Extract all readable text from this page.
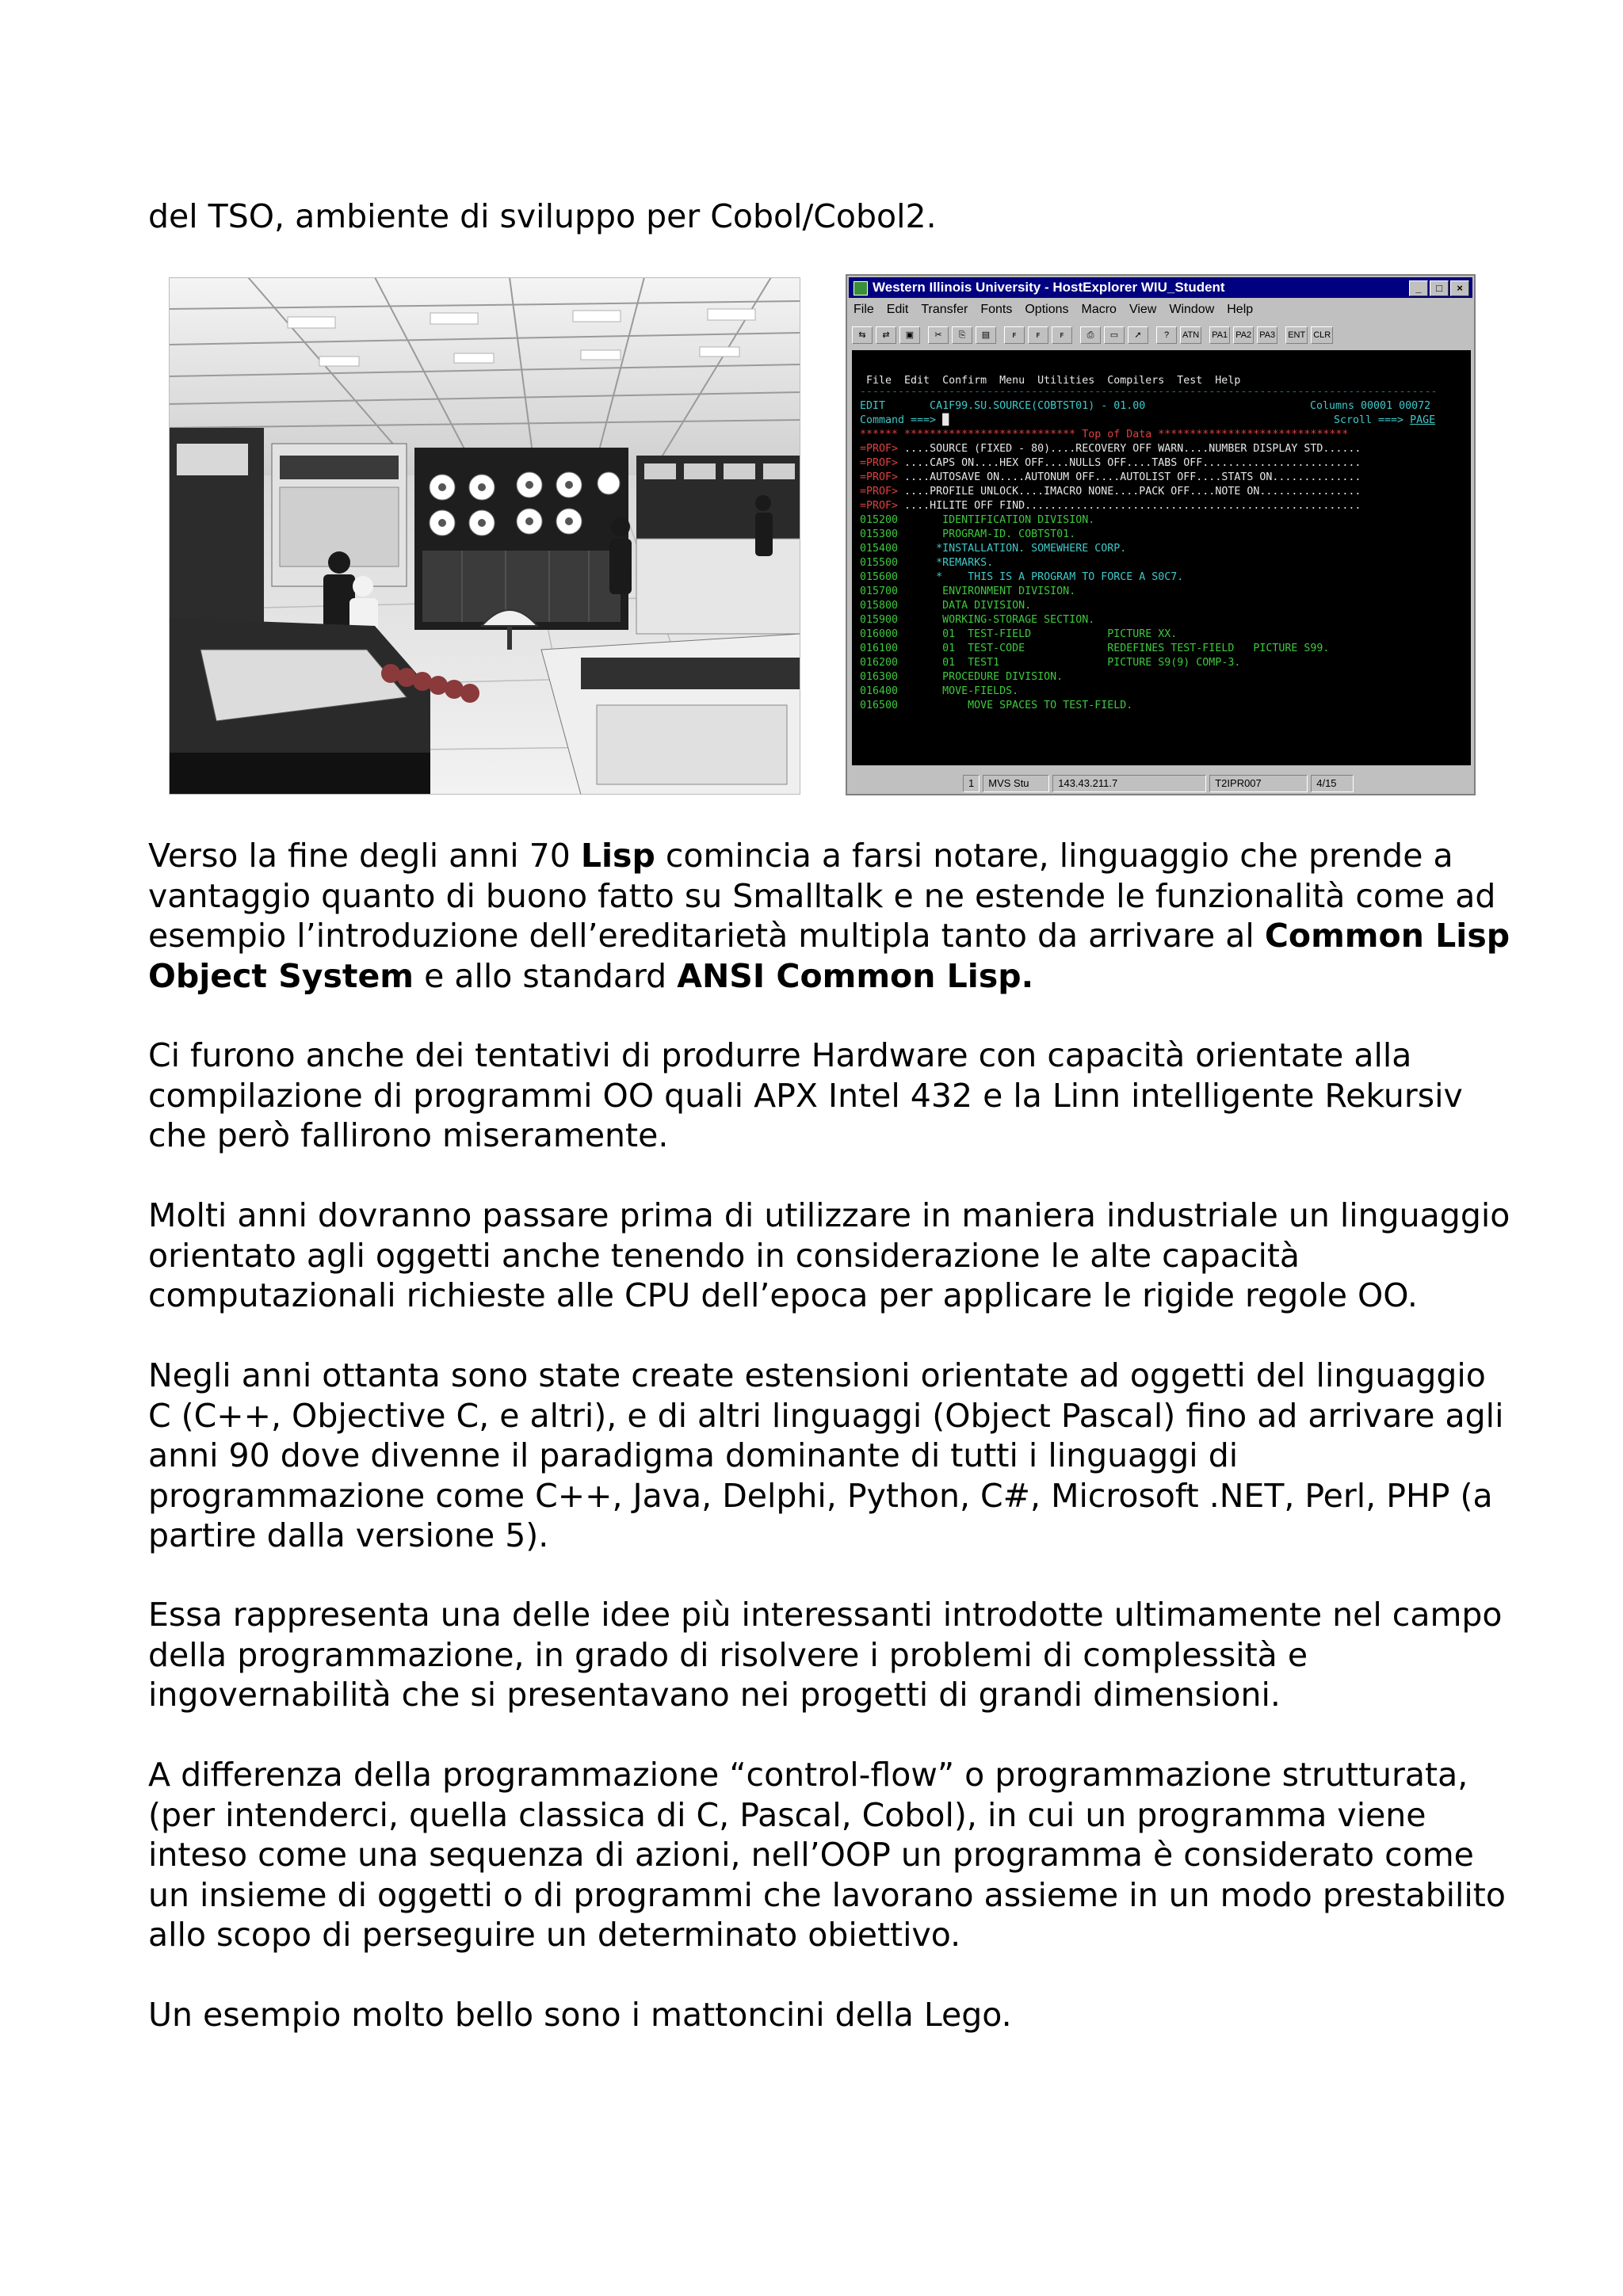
del TSO, ambiente di sviluppo per Cobol/Cobol2.

Western Illinois University - HostExplorer WIU_Student	_	□	×
File Edit Transfer Fonts Options Macro View Window Help
⇆	⇄	▣	✂	⎘	▤	ꜰ	ꜰ	ꜰ	⎙	▭	➚	?	ATN PA1 PA2 PA3 ENT CLR
File  Edit  Confirm  Menu  Utilities  Compilers  Test  Help
-------------------------------------------------------------------------------------------
EDIT       CA1F99.SU.SOURCE(COBTST01) - 01.00	Columns 00001 00072
Command ===> █	Scroll ===> PAGE
****** *************************** Top of Data ******************************
=PROF> ....SOURCE (FIXED - 80)....RECOVERY OFF WARN....NUMBER DISPLAY STD......
=PROF> ....CAPS ON....HEX OFF....NULLS OFF....TABS OFF.........................
=PROF> ....AUTOSAVE ON....AUTONUM OFF....AUTOLIST OFF....STATS ON..............
=PROF> ....PROFILE UNLOCK....IMACRO NONE....PACK OFF....NOTE ON................
=PROF> ....HILITE OFF FIND.....................................................
015200       IDENTIFICATION DIVISION.
015300       PROGRAM-ID. COBTST01.
015400      *INSTALLATION. SOMEWHERE CORP.
015500      *REMARKS.
015600      *    THIS IS A PROGRAM TO FORCE A S0C7.
015700       ENVIRONMENT DIVISION.
015800       DATA DIVISION.
015900       WORKING-STORAGE SECTION.
016000       01  TEST-FIELD            PICTURE XX.
016100       01  TEST-CODE             REDEFINES TEST-FIELD   PICTURE S99.
016200       01  TEST1                 PICTURE S9(9) COMP-3.
016300       PROCEDURE DIVISION.
016400       MOVE-FIELDS.
016500           MOVE SPACES TO TEST-FIELD.
1	MVS Stu	143.43.211.7	T2IPR007	4/15

Verso la fine degli anni 70 Lisp comincia a farsi notare, linguaggio che prende a vantaggio quanto di buono fatto su Smalltalk e ne estende le funzionalità come ad esempio l’introduzione dell’ereditarietà multipla tanto da arrivare al Common Lisp Object System e allo standard ANSI Common Lisp.

Ci furono anche dei tentativi di produrre Hardware con capacità orientate alla compilazione di programmi OO quali APX Intel 432 e la Linn intelligente Rekursiv che però fallirono miseramente.

Molti anni dovranno passare prima di utilizzare in maniera industriale un linguaggio orientato agli oggetti anche tenendo in considerazione le alte capacità computazionali richieste alle CPU dell’epoca per applicare le rigide regole OO.

Negli anni ottanta sono state create estensioni orientate ad oggetti del linguaggio C (C++, Objective C, e altri), e di altri linguaggi (Object Pascal) fino ad arrivare agli anni 90 dove divenne il paradigma dominante di tutti i linguaggi di programmazione come C++, Java, Delphi, Python, C#, Microsoft .NET, Perl, PHP (a partire dalla versione 5).

Essa rappresenta una delle idee più interessanti introdotte ultimamente nel campo della programmazione, in grado di risolvere i problemi di complessità e ingovernabilità che si presentavano nei progetti di grandi dimensioni.

A differenza della programmazione “control-flow” o programmazione strutturata, (per intenderci, quella classica di C, Pascal, Cobol), in cui un programma viene inteso come una sequenza di azioni, nell’OOP un programma è considerato come un insieme di oggetti o di programmi che lavorano assieme in un modo prestabilito allo scopo di perseguire un determinato obiettivo.

Un esempio molto bello sono i mattoncini della Lego.
